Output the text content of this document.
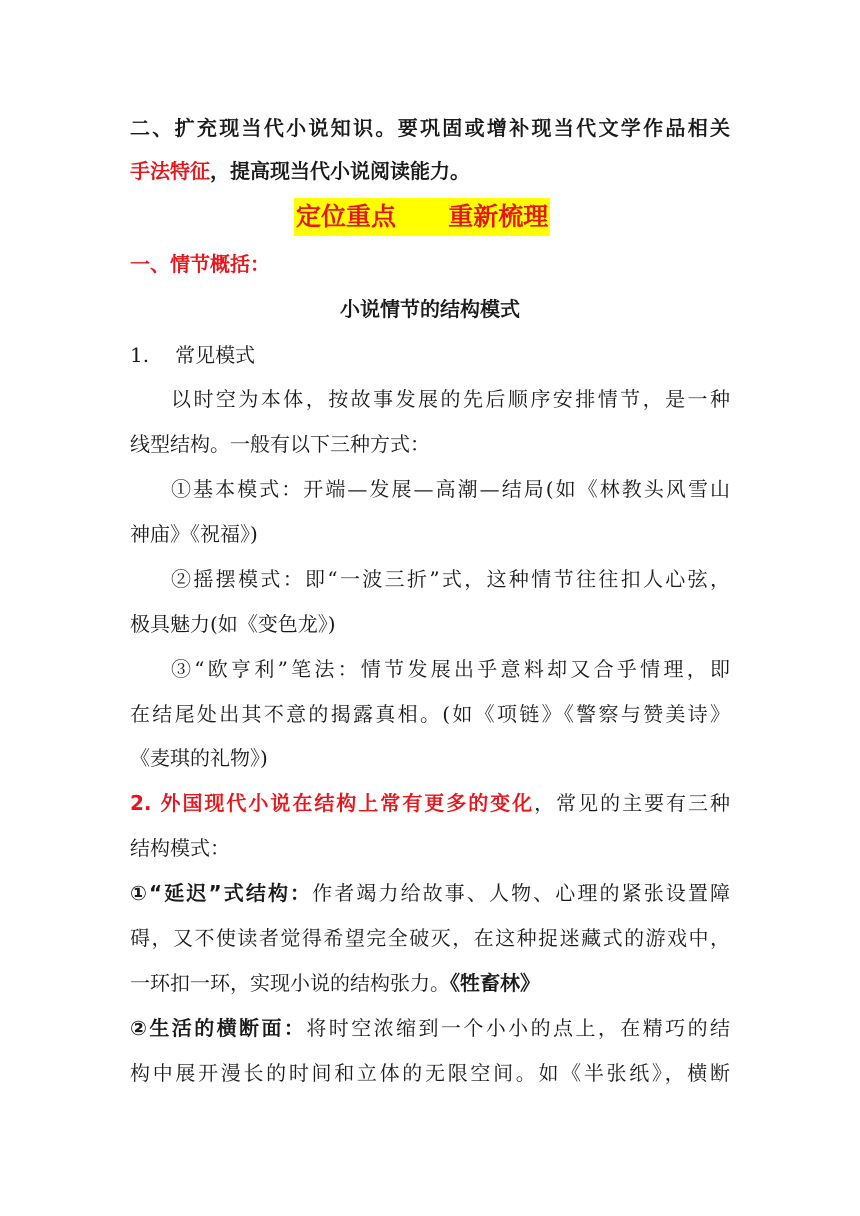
二、扩充现当代小说知识。要巩固或增补现当代文学作品相关
手法特征，提高现当代小说阅读能力。
定位重点 重新梳理
一、情节概括：
小说情节的结构模式
1. 常见模式
以时空为本体，按故事发展的先后顺序安排情节，是一种
线型结构。一般有以下三种方式：
①基本模式：开端—发展—高潮—结局(如《林教头风雪山
神庙》《祝福》)
②摇摆模式：即“一波三折”式，这种情节往往扣人心弦，
极具魅力(如《变色龙》)
③“欧亨利”笔法：情节发展出乎意料却又合乎情理，即
在结尾处出其不意的揭露真相。(如《项链》《警察与赞美诗》
《麦琪的礼物》)
2. 外国现代小说在结构上常有更多的变化，常见的主要有三种
结构模式：
①“延迟”式结构：作者竭力给故事、人物、心理的紧张设置障
碍，又不使读者觉得希望完全破灭，在这种捉迷藏式的游戏中，
一环扣一环，实现小说的结构张力。《牲畜林》
②生活的横断面：将时空浓缩到一个小小的点上，在精巧的结
构中展开漫长的时间和立体的无限空间。如《半张纸》，横断
